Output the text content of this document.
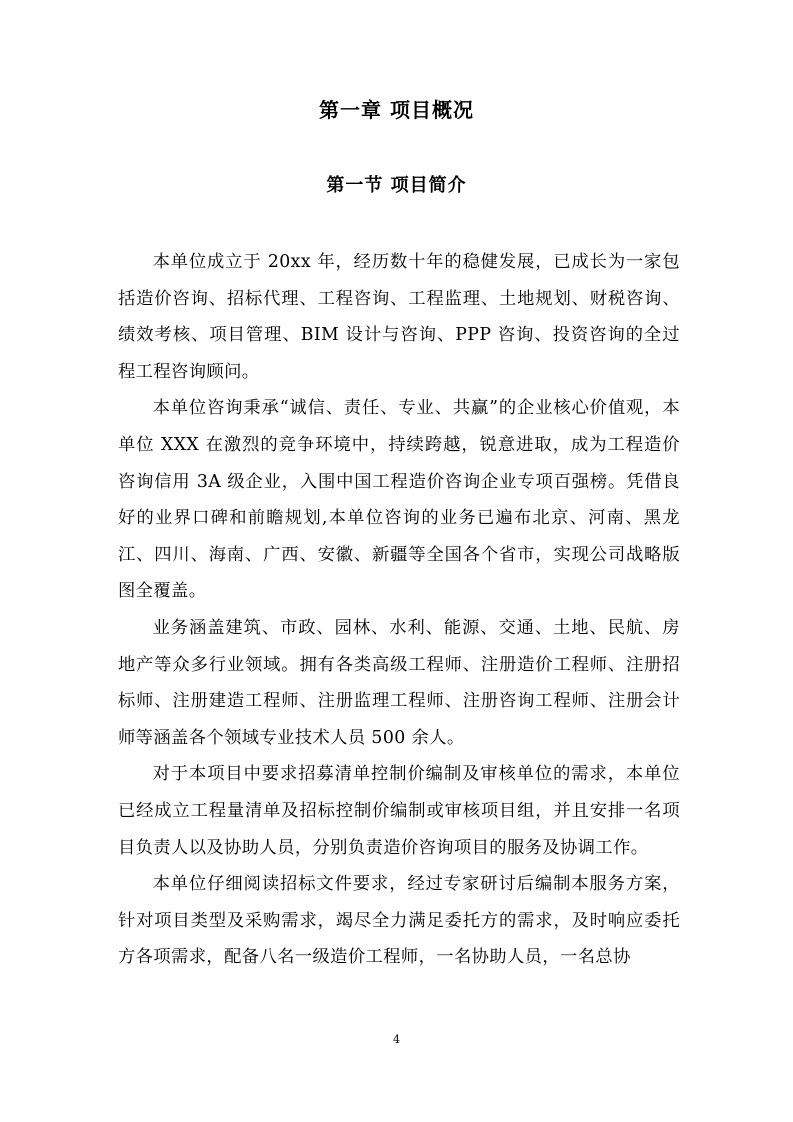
第一章 项目概况
第一节 项目简介

本单位成立于 20xx 年，经历数十年的稳健发展，已成长为一家包括造价咨询、招标代理、工程咨询、工程监理、土地规划、财税咨询、绩效考核、项目管理、BIM 设计与咨询、PPP 咨询、投资咨询的全过程工程咨询顾问。

本单位咨询秉承“诚信、责任、专业、共赢”的企业核心价值观，本单位 XXX 在激烈的竞争环境中，持续跨越，锐意进取，成为工程造价咨询信用 3A 级企业，入围中国工程造价咨询企业专项百强榜。凭借良好的业界口碑和前瞻规划,本单位咨询的业务已遍布北京、河南、黑龙江、四川、海南、广西、安徽、新疆等全国各个省市，实现公司战略版图全覆盖。

业务涵盖建筑、市政、园林、水利、能源、交通、土地、民航、房地产等众多行业领域。拥有各类高级工程师、注册造价工程师、注册招标师、注册建造工程师、注册监理工程师、注册咨询工程师、注册会计师等涵盖各个领域专业技术人员 500 余人。

对于本项目中要求招募清单控制价编制及审核单位的需求，本单位已经成立工程量清单及招标控制价编制或审核项目组，并且安排一名项目负责人以及协助人员，分别负责造价咨询项目的服务及协调工作。

本单位仔细阅读招标文件要求，经过专家研讨后编制本服务方案，针对项目类型及采购需求，竭尽全力满足委托方的需求，及时响应委托方各项需求，配备八名一级造价工程师，一名协助人员，一名总协

4
